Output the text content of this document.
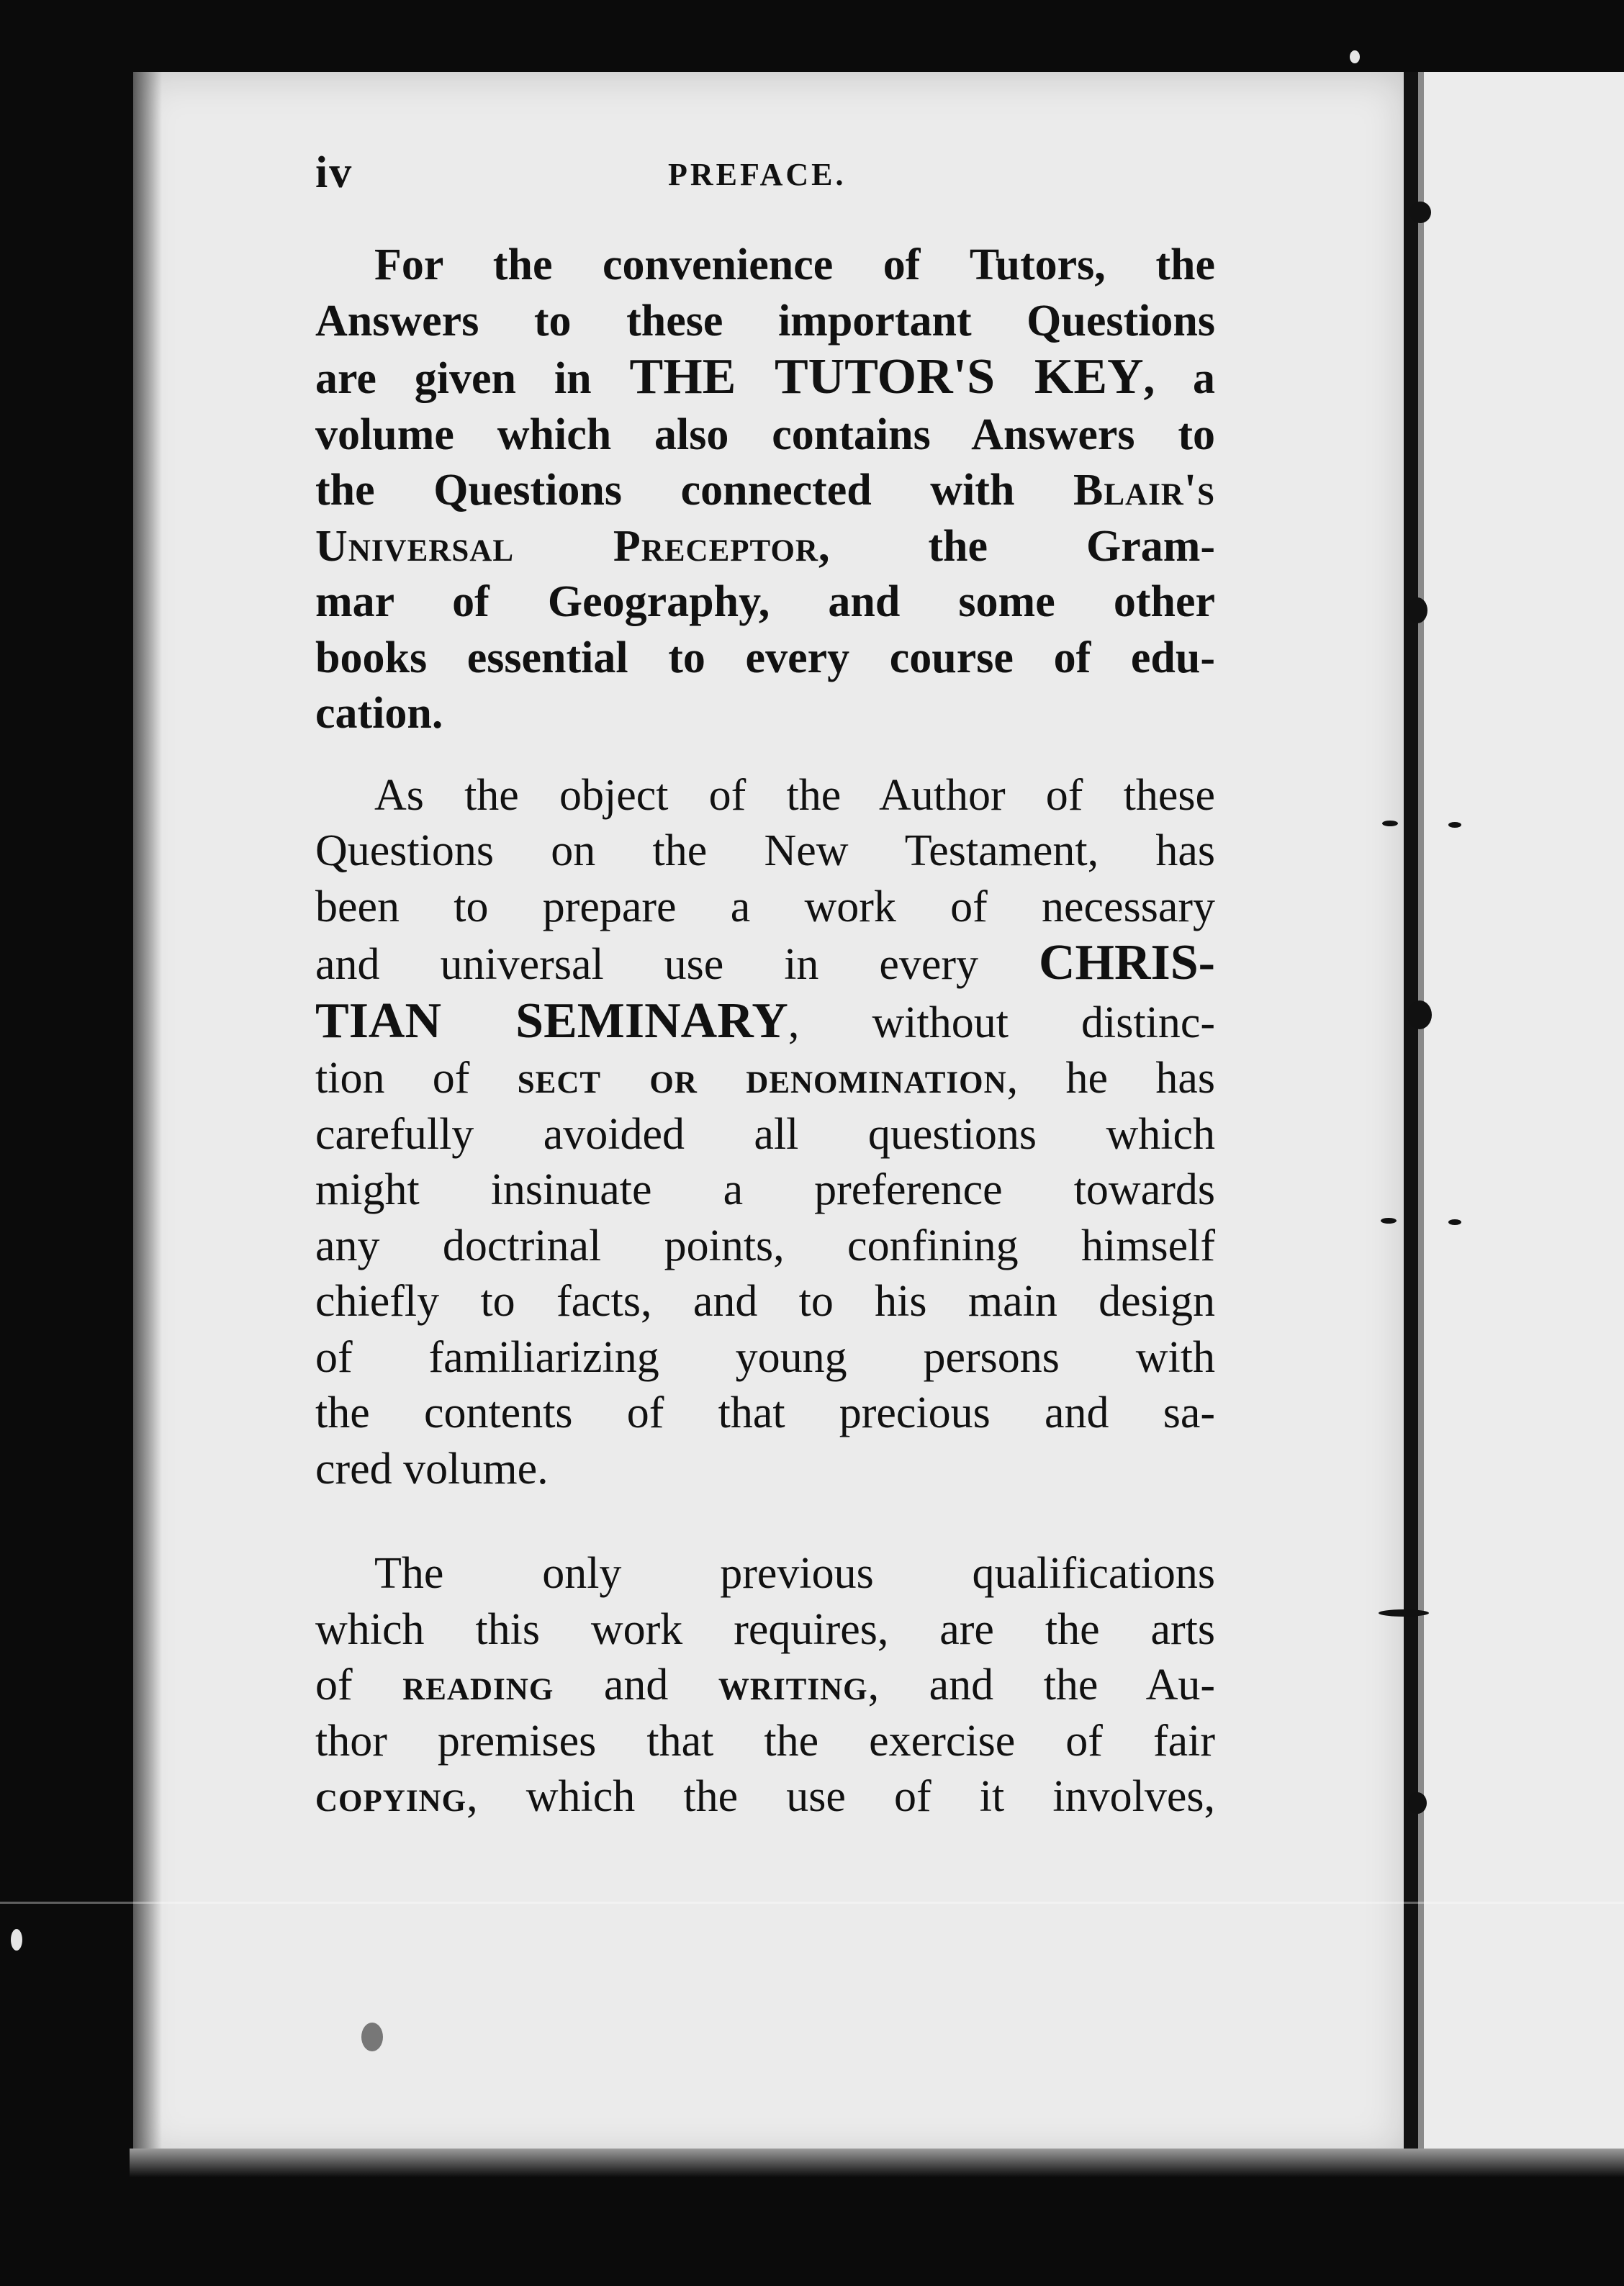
iv	PREFACE.
For the convenience of Tutors, the
Answers to these important Questions
are given in THE TUTOR'S KEY, a
volume which also contains Answers to
the Questions connected with Blair's
Universal Preceptor, the Gram-
mar of Geography, and some other
books essential to every course of edu-
cation.
As the object of the Author of these
Questions on the New Testament, has
been to prepare a work of necessary
and universal use in every CHRIS-
TIAN SEMINARY, without distinc-
tion of sect or denomination, he has
carefully avoided all questions which
might insinuate a preference towards
any doctrinal points, confining himself
chiefly to facts, and to his main design
of familiarizing young persons with
the contents of that precious and sa-
cred volume.
The only previous qualifications
which this work requires, are the arts
of reading and writing, and the Au-
thor premises that the exercise of fair
copying, which the use of it involves,
